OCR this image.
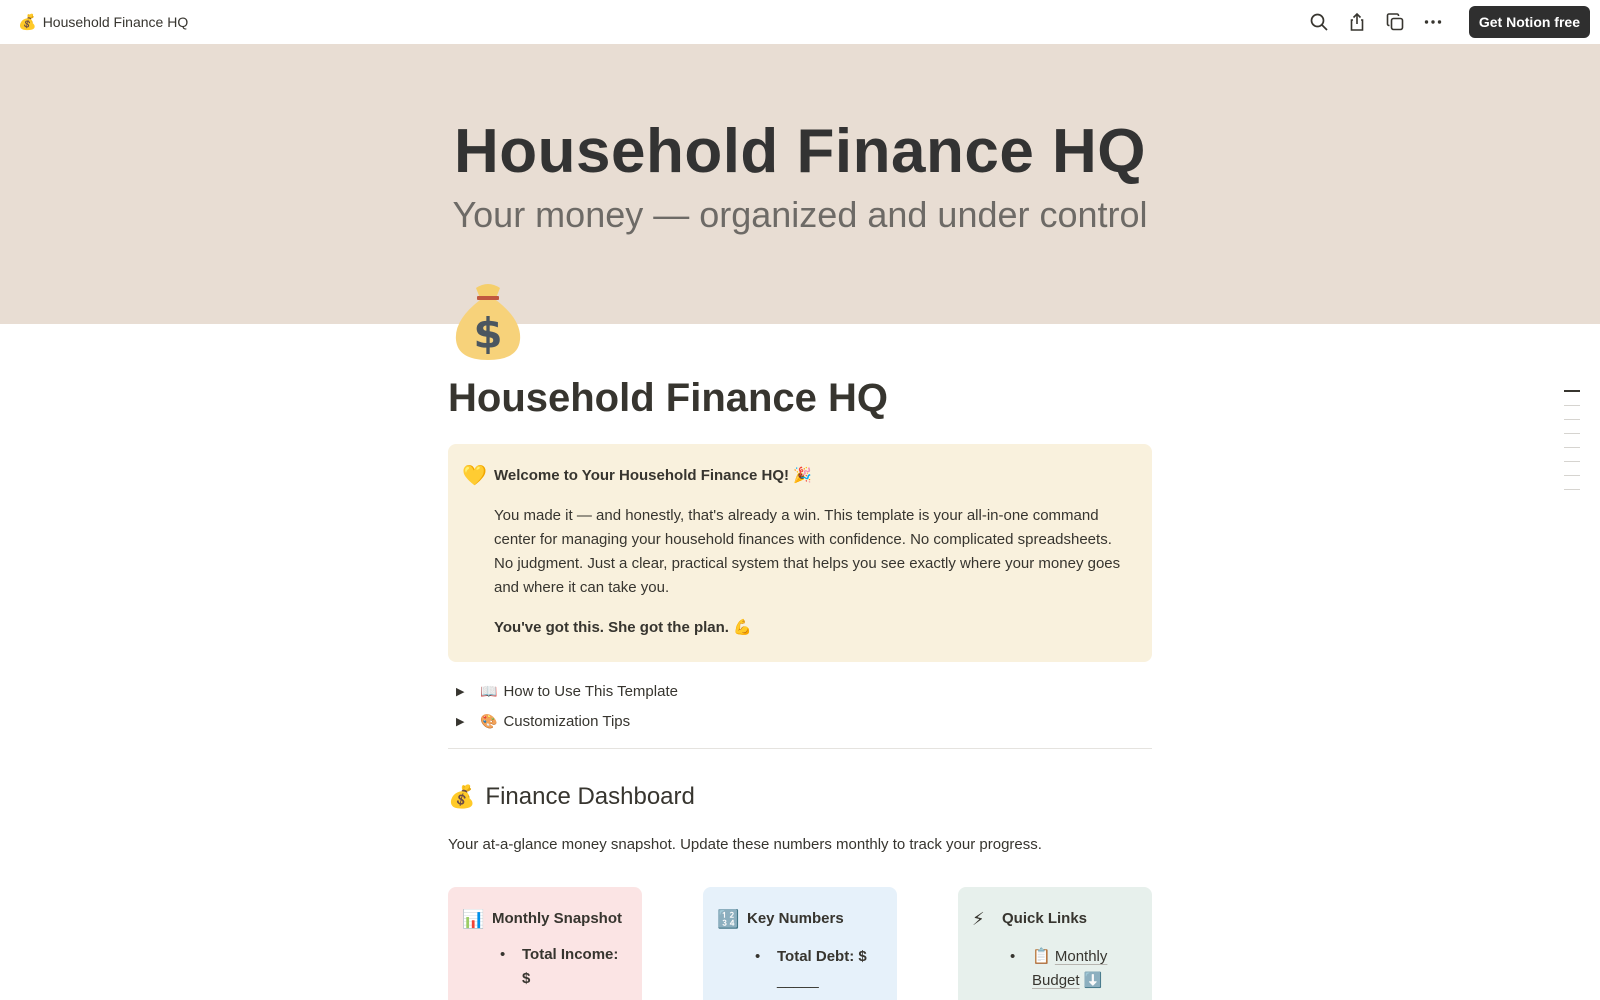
💰 Household Finance HQ	Get Notion free
Household Finance HQ
Your money — organized and under control
$
Household Finance HQ
💛 Welcome to Your Household Finance HQ! 🎉
You made it — and honestly, that's already a win. This template is your all-in-one command center for managing your household finances with confidence. No complicated spreadsheets. No judgment. Just a clear, practical system that helps you see exactly where your money goes and where it can take you.
You've got this. She got the plan. 💪
▶	📖 How to Use This Template
▶	🎨 Customization Tips
💰 Finance Dashboard

Your at-a-glance money snapshot. Update these numbers monthly to track your progress.

📊 Monthly Snapshot
• Total Income: $
🔢 Key Numbers
• Total Debt: $
_____
⚡	Quick Links
• 📋 Monthly Budget ⬇️
